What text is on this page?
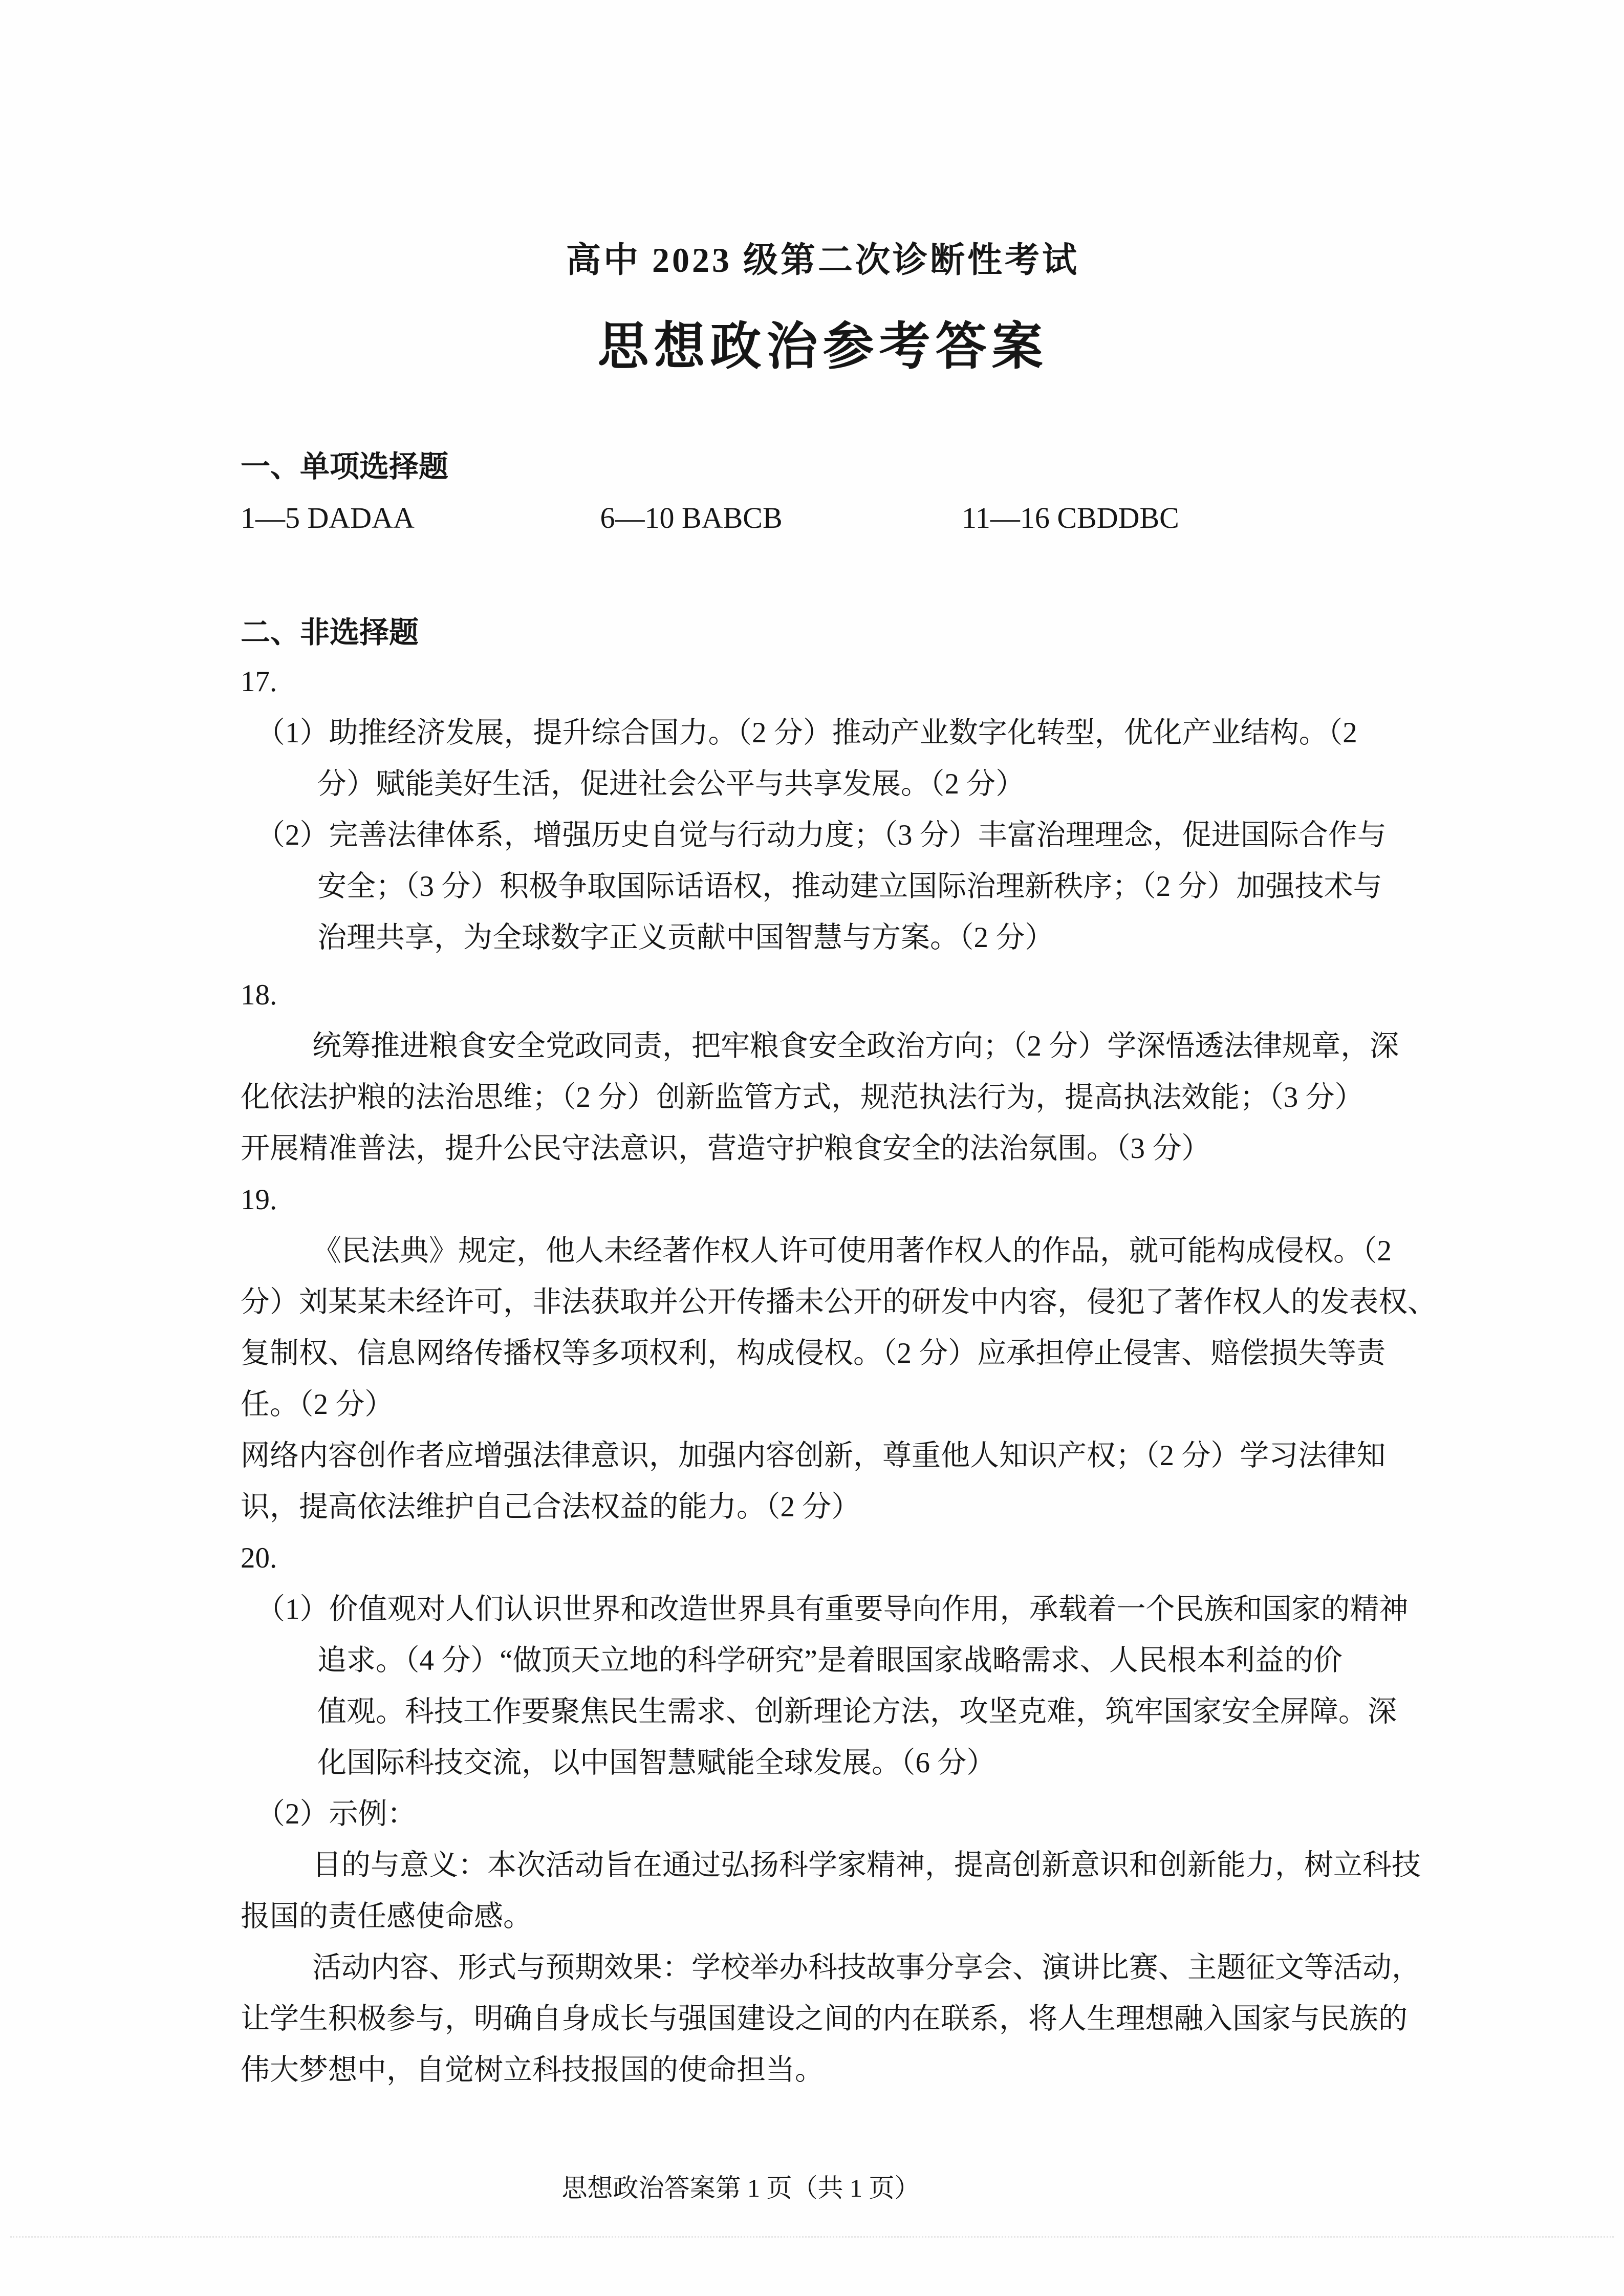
高中 2023 级第二次诊断性考试
思想政治参考答案
一、单项选择题
1—5 DADAA	6—10 BABCB	11—16 CBDDBC
二、非选择题
17.
（1）助推经济发展，提升综合国力。（2 分）推动产业数字化转型，优化产业结构。（2
分）赋能美好生活，促进社会公平与共享发展。（2 分）
（2）完善法律体系，增强历史自觉与行动力度；（3 分）丰富治理理念，促进国际合作与
安全；（3 分）积极争取国际话语权，推动建立国际治理新秩序；（2 分）加强技术与
治理共享，为全球数字正义贡献中国智慧与方案。（2 分）
18.
统筹推进粮食安全党政同责，把牢粮食安全政治方向；（2 分）学深悟透法律规章，深
化依法护粮的法治思维；（2 分）创新监管方式，规范执法行为，提高执法效能；（3 分）
开展精准普法，提升公民守法意识，营造守护粮食安全的法治氛围。（3 分）
19.
《民法典》规定，他人未经著作权人许可使用著作权人的作品，就可能构成侵权。（2
分）刘某某未经许可，非法获取并公开传播未公开的研发中内容，侵犯了著作权人的发表权、
复制权、信息网络传播权等多项权利，构成侵权。（2 分）应承担停止侵害、赔偿损失等责
任。（2 分）
网络内容创作者应增强法律意识，加强内容创新，尊重他人知识产权；（2 分）学习法律知
识，提高依法维护自己合法权益的能力。（2 分）
20.
（1）价值观对人们认识世界和改造世界具有重要导向作用，承载着一个民族和国家的精神
追求。（4 分）“做顶天立地的科学研究”是着眼国家战略需求、人民根本利益的价
值观。科技工作要聚焦民生需求、创新理论方法，攻坚克难，筑牢国家安全屏障。深
化国际科技交流，以中国智慧赋能全球发展。（6 分）
（2）示例：
目的与意义：本次活动旨在通过弘扬科学家精神，提高创新意识和创新能力，树立科技
报国的责任感使命感。
活动内容、形式与预期效果：学校举办科技故事分享会、演讲比赛、主题征文等活动，
让学生积极参与，明确自身成长与强国建设之间的内在联系，将人生理想融入国家与民族的
伟大梦想中，自觉树立科技报国的使命担当。
思想政治答案第 1 页（共 1 页）
